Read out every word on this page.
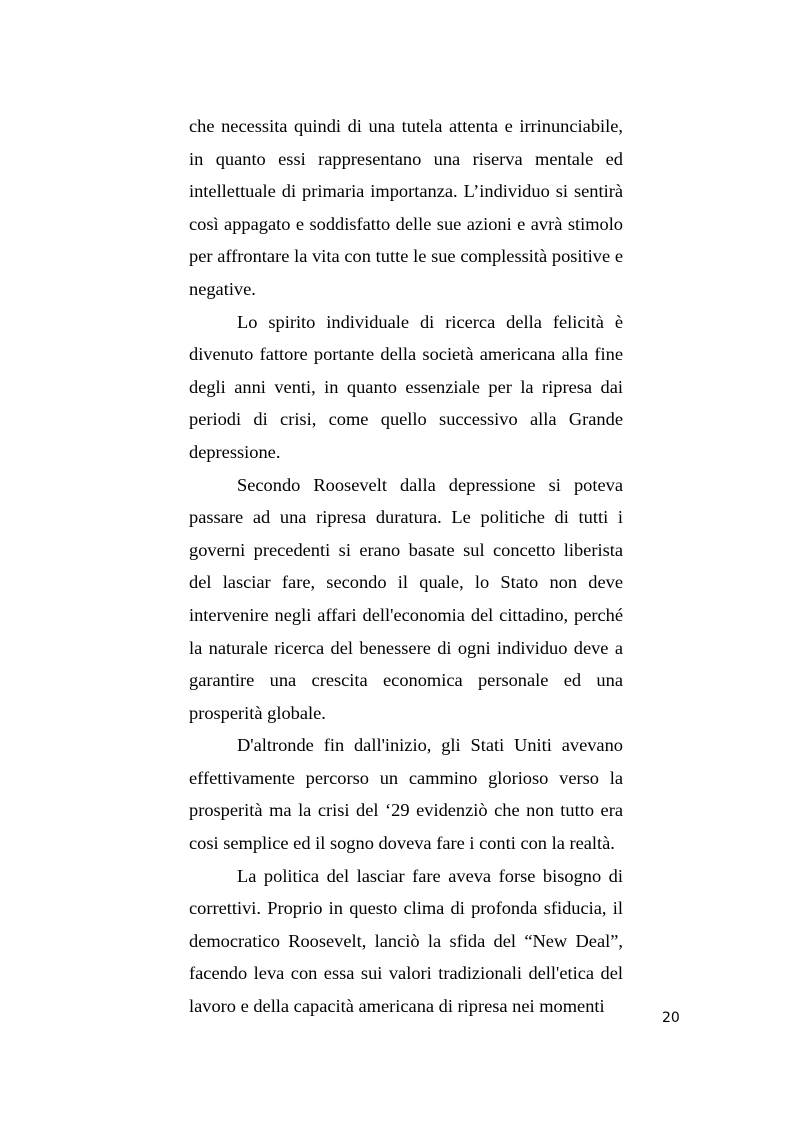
che necessita quindi di una tutela attenta e irrinunciabile, in quanto essi rappresentano una riserva mentale ed intellettuale di primaria importanza. L’individuo si sentirà così appagato e soddisfatto delle sue azioni e avrà stimolo per affrontare la vita con tutte le sue complessità positive e negative.

Lo spirito individuale di ricerca della felicità è divenuto fattore portante della società americana alla fine degli anni venti, in quanto essenziale per la ripresa dai periodi di crisi, come quello successivo alla Grande depressione.

Secondo Roosevelt dalla depressione si poteva passare ad una ripresa duratura. Le politiche di tutti i governi precedenti si erano basate sul concetto liberista del lasciar fare, secondo il quale, lo Stato non deve intervenire negli affari dell'economia del cittadino, perché la naturale ricerca del benessere di ogni individuo deve a garantire una crescita economica personale ed una prosperità globale.

D'altronde fin dall'inizio, gli Stati Uniti avevano effettivamente percorso un cammino glorioso verso la prosperità ma la crisi del ‘29 evidenziò che non tutto era cosi semplice ed il sogno doveva fare i conti con la realtà.

La politica del lasciar fare aveva forse bisogno di correttivi. Proprio in questo clima di profonda sfiducia, il democratico Roosevelt, lanciò la sfida del “New Deal”, facendo leva con essa sui valori tradizionali dell'etica del lavoro e della capacità americana di ripresa nei momenti

20
